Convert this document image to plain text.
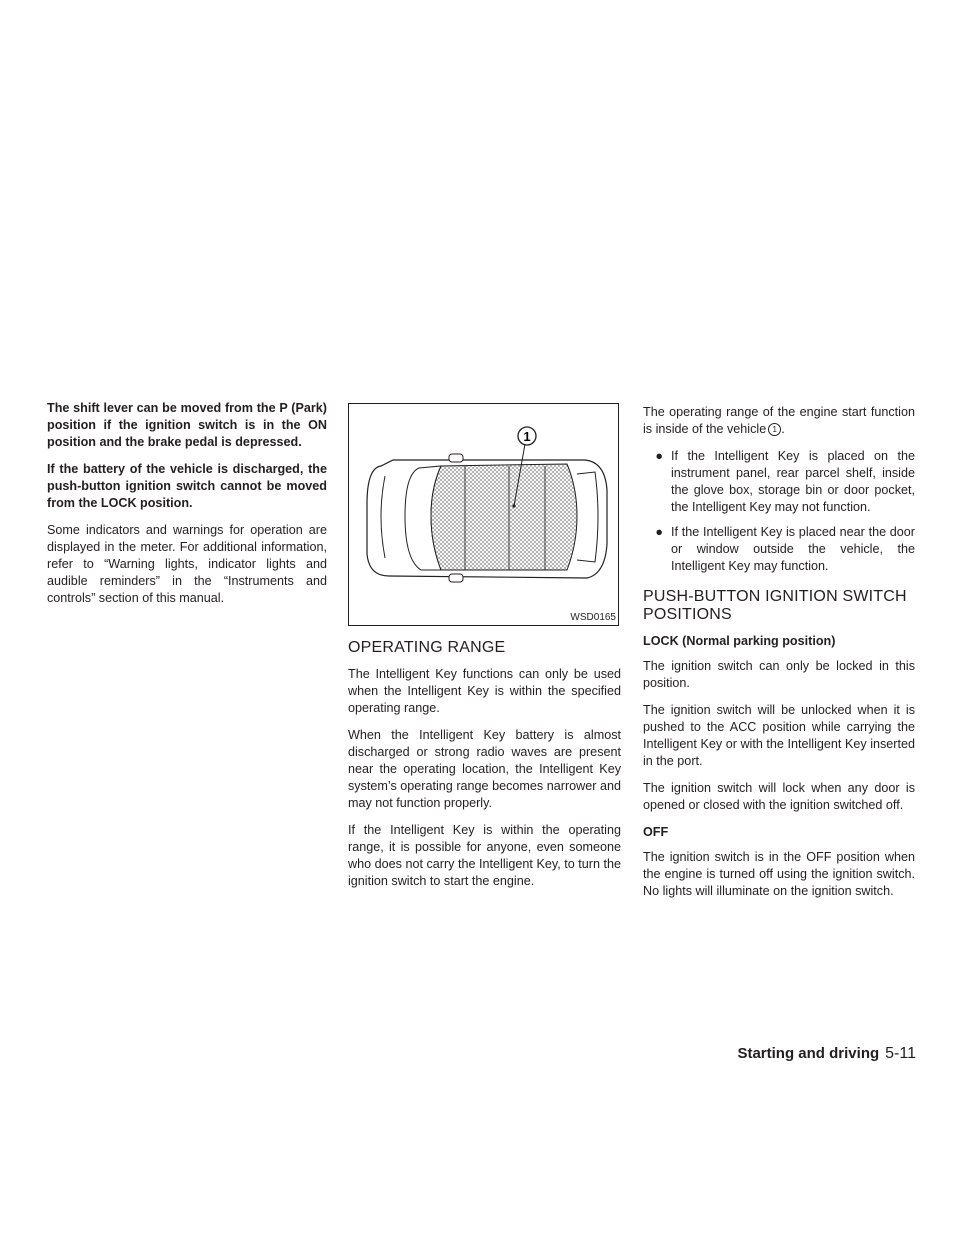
The shift lever can be moved from the P (Park) position if the ignition switch is in the ON position and the brake pedal is depressed.

If the battery of the vehicle is discharged, the push-button ignition switch cannot be moved from the LOCK position.

Some indicators and warnings for operation are displayed in the meter. For additional information, refer to “Warning lights, indicator lights and audible reminders” in the “Instruments and controls” section of this manual.

1
WSD0165
OPERATING RANGE

The Intelligent Key functions can only be used when the Intelligent Key is within the specified operating range.

When the Intelligent Key battery is almost discharged or strong radio waves are present near the operating location, the Intelligent Key system’s operating range becomes narrower and may not function properly.

If the Intelligent Key is within the operating range, it is possible for anyone, even someone who does not carry the Intelligent Key, to turn the ignition switch to start the engine.

The operating range of the engine start function is inside of the vehicle 1 .

● If the Intelligent Key is placed on the instrument panel, rear parcel shelf, inside the glove box, storage bin or door pocket, the Intelligent Key may not function.
● If the Intelligent Key is placed near the door or window outside the vehicle, the Intelligent Key may function.
PUSH-BUTTON IGNITION SWITCH POSITIONS
LOCK (Normal parking position)

The ignition switch can only be locked in this position.

The ignition switch will be unlocked when it is pushed to the ACC position while carrying the Intelligent Key or with the Intelligent Key inserted in the port.

The ignition switch will lock when any door is opened or closed with the ignition switched off.

OFF

The ignition switch is in the OFF position when the engine is turned off using the ignition switch. No lights will illuminate on the ignition switch.

Starting and driving 5-11
